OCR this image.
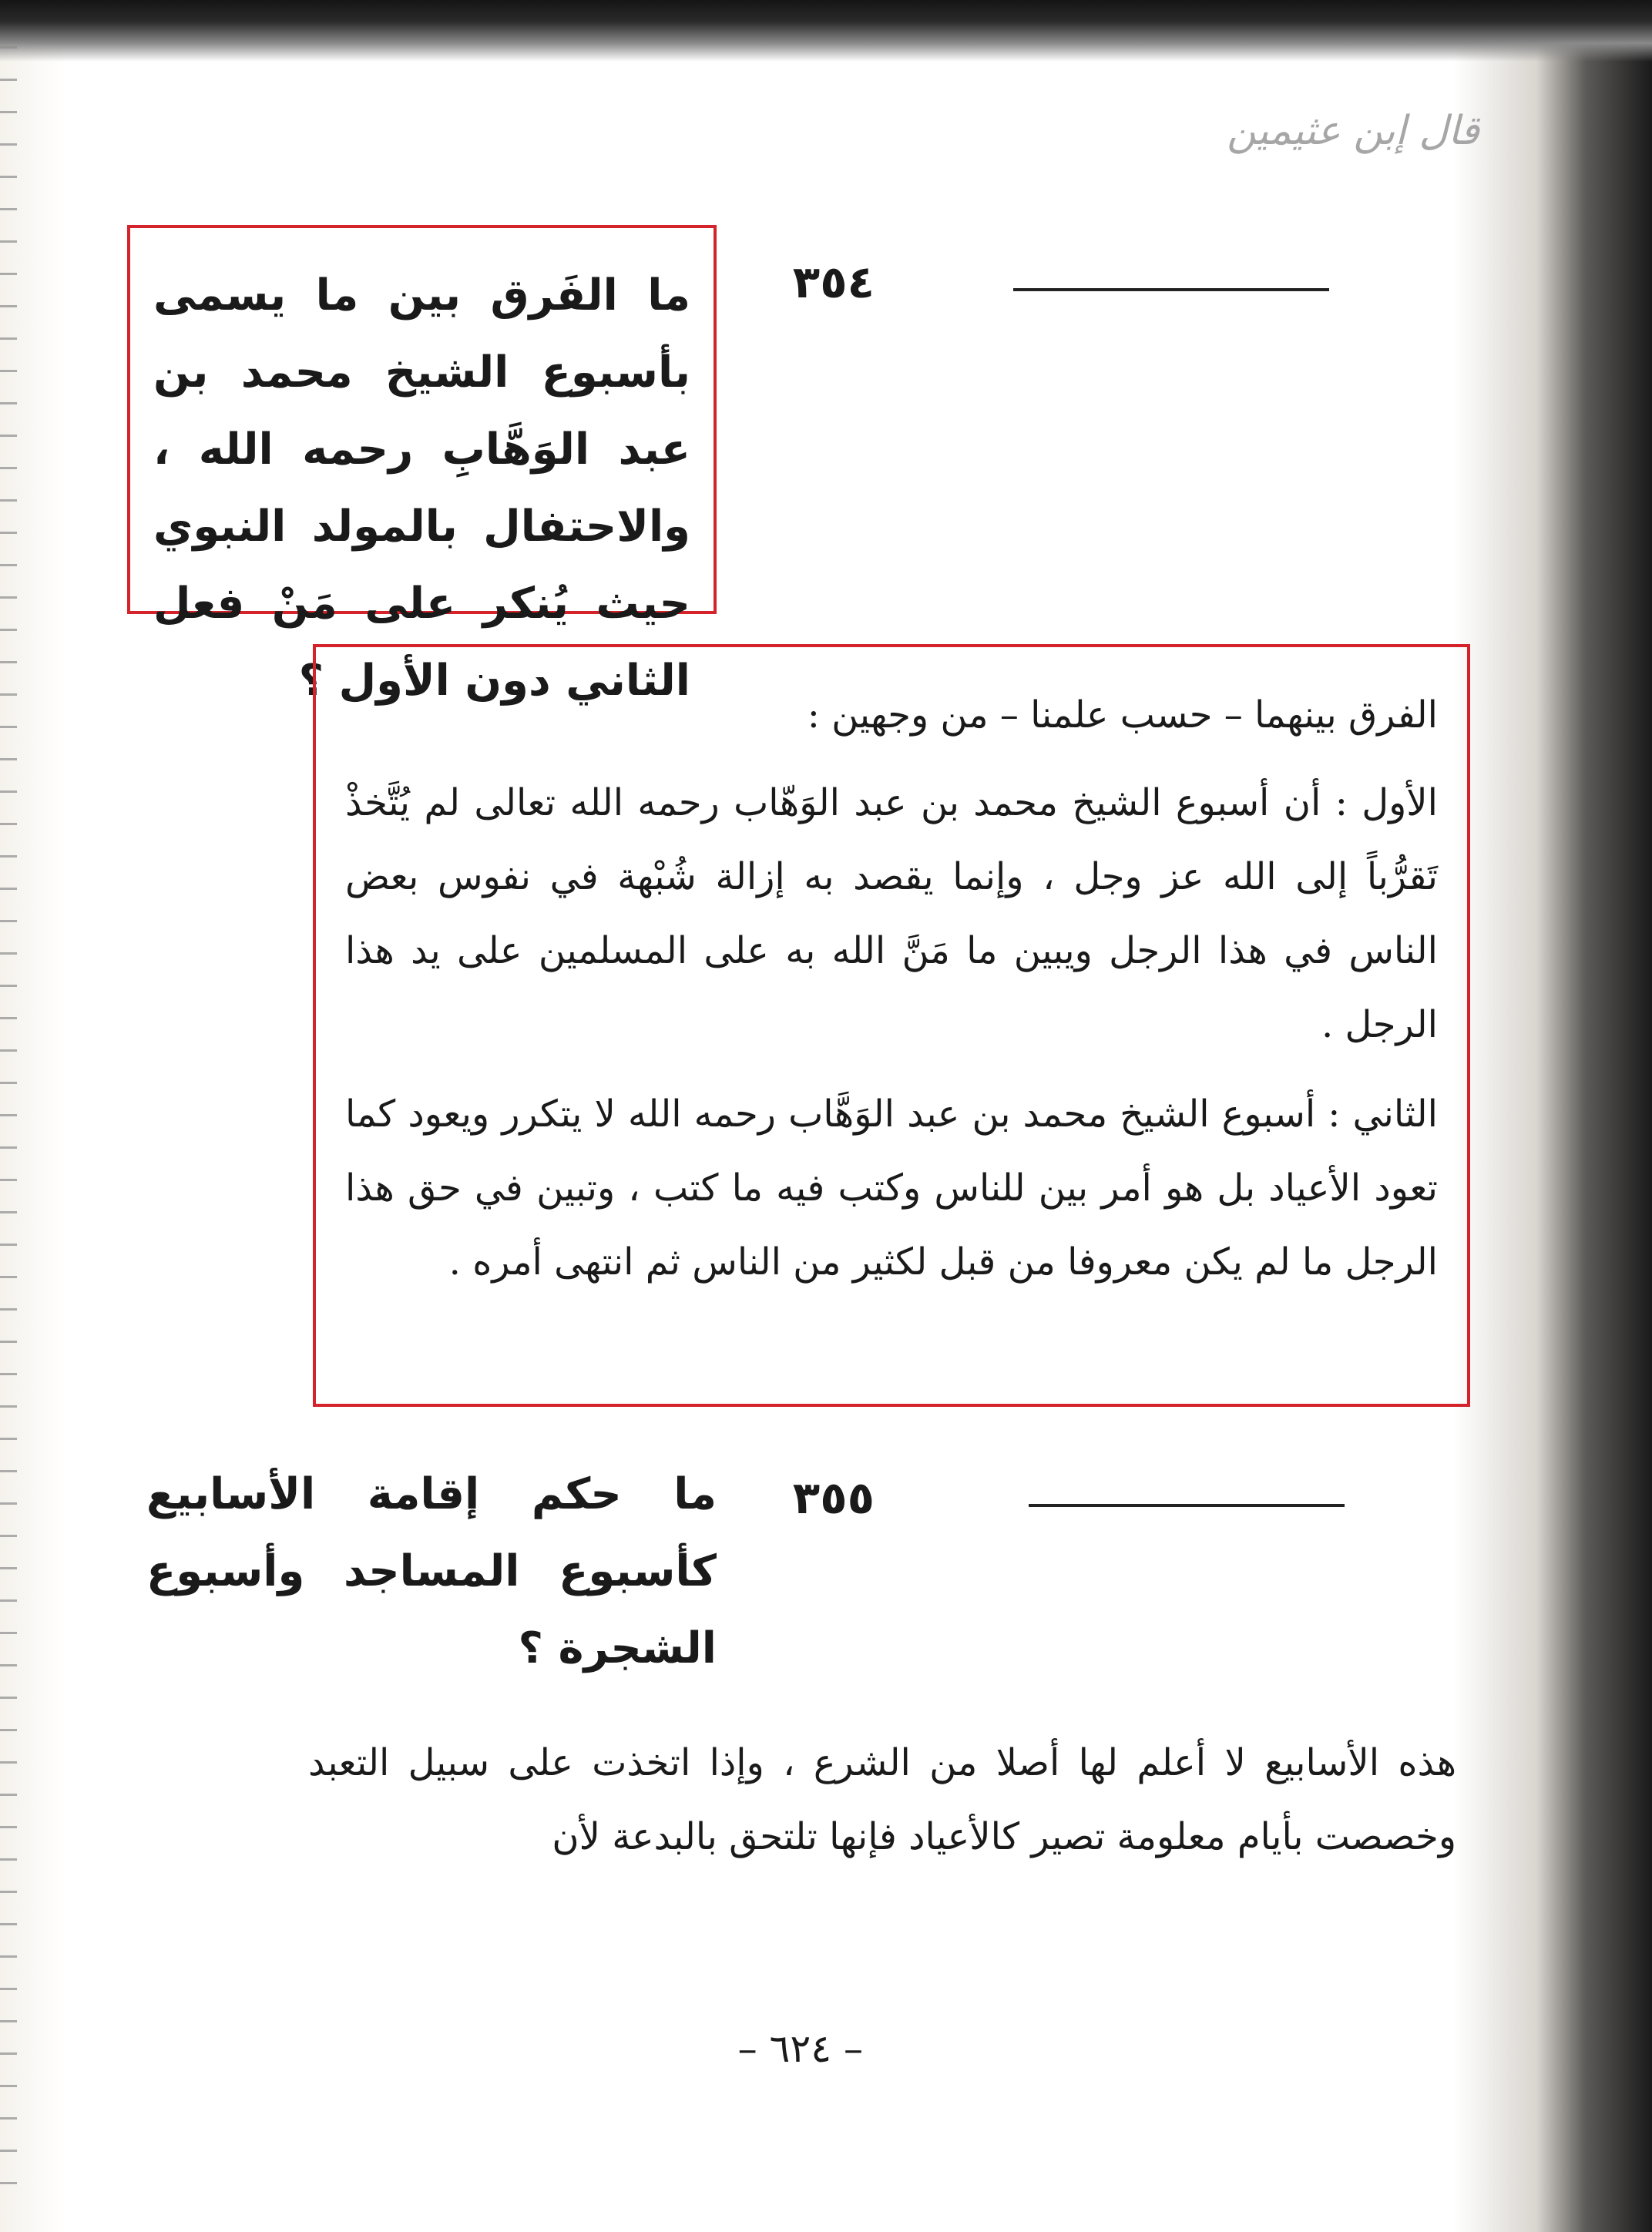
قال إبن عثيمين
٣٥٤

ما الفَرق بين ما يسمى بأسبوع الشيخ محمد بن عبد الوَهَّابِ رحمه الله ، والاحتفال بالمولد النبوي حيث يُنكر على مَنْ فعل الثاني دون الأول ؟

الفرق بينهما – حسب علمنا – من وجهين :

الأول : أن أسبوع الشيخ محمد بن عبد الوَهّاب رحمه الله تعالى لم يُتَّخذْ تَقرُّباً إلى الله عز وجل ، وإنما يقصد به إزالة شُبْهة في نفوس بعض الناس في هذا الرجل ويبين ما مَنَّ الله به على المسلمين على يد هذا الرجل .

الثاني : أسبوع الشيخ محمد بن عبد الوَهَّاب رحمه الله لا يتكرر ويعود كما تعود الأعياد بل هو أمر بين للناس وكتب فيه ما كتب ، وتبين في حق هذا الرجل ما لم يكن معروفا من قبل لكثير من الناس ثم انتهى أمره .

٣٥٥

ما حكم إقامة الأسابيع كأسبوع المساجد وأسبوع الشجرة ؟

هذه الأسابيع لا أعلم لها أصلا من الشرع ، وإذا اتخذت على سبيل التعبد وخصصت بأيام معلومة تصير كالأعياد فإنها تلتحق بالبدعة لأن

– ٦٢٤ –
